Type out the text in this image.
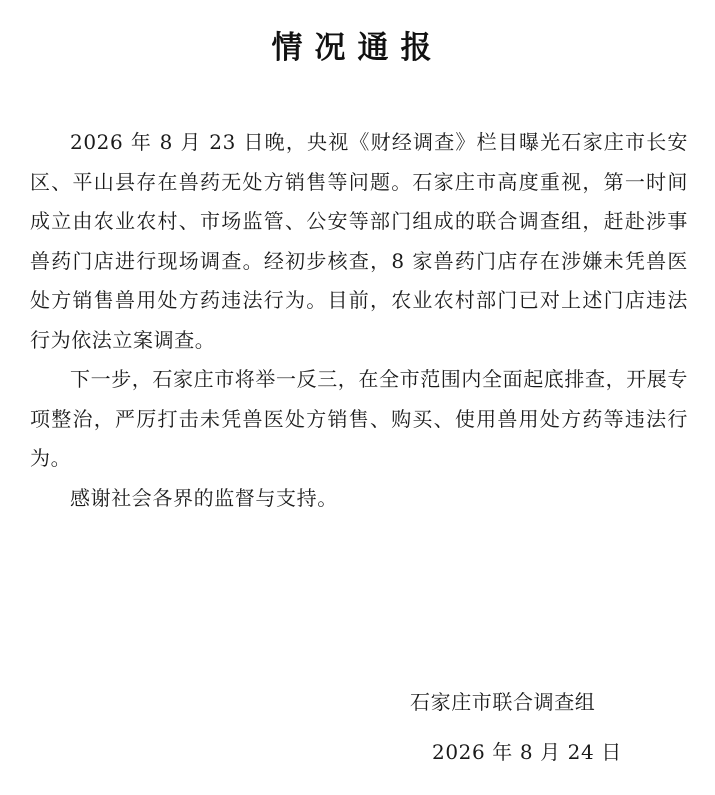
情况通报

2026 年 8 月 23 日晚，央视《财经调查》栏目曝光石家庄市长安区、平山县存在兽药无处方销售等问题。石家庄市高度重视，第一时间成立由农业农村、市场监管、公安等部门组成的联合调查组，赶赴涉事兽药门店进行现场调查。经初步核查，8 家兽药门店存在涉嫌未凭兽医处方销售兽用处方药违法行为。目前，农业农村部门已对上述门店违法行为依法立案调查。

下一步，石家庄市将举一反三，在全市范围内全面起底排查，开展专项整治，严厉打击未凭兽医处方销售、购买、使用兽用处方药等违法行为。

感谢社会各界的监督与支持。

石家庄市联合调查组
2026 年 8 月 24 日
